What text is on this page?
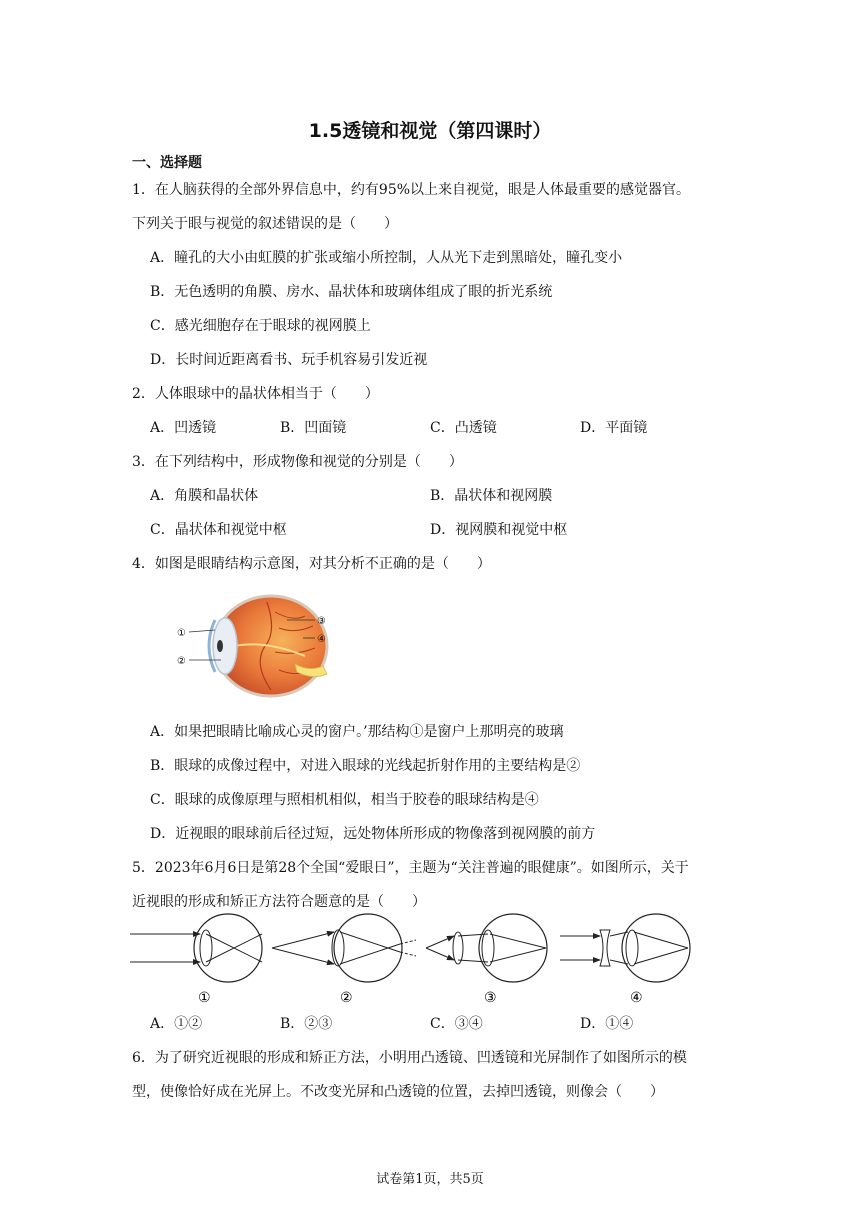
1.5透镜和视觉（第四课时）
一、选择题
1．在人脑获得的全部外界信息中，约有95%以上来自视觉，眼是人体最重要的感觉器官。
下列关于眼与视觉的叙述错误的是（　　）
A．瞳孔的大小由虹膜的扩张或缩小所控制，人从光下走到黑暗处，瞳孔变小
B．无色透明的角膜、房水、晶状体和玻璃体组成了眼的折光系统
C．感光细胞存在于眼球的视网膜上
D．长时间近距离看书、玩手机容易引发近视
2．人体眼球中的晶状体相当于（　　）
A．凹透镜	B．凹面镜	C．凸透镜	D．平面镜
3．在下列结构中，形成物像和视觉的分别是（　　）
A．角膜和晶状体	B．晶状体和视网膜
C．晶状体和视觉中枢	D．视网膜和视觉中枢
4．如图是眼睛结构示意图，对其分析不正确的是（　　）
①
②
③
④
A．如果把眼睛比喻成心灵的窗户。’那结构①是窗户上那明亮的玻璃
B．眼球的成像过程中，对进入眼球的光线起折射作用的主要结构是②
C．眼球的成像原理与照相机相似，相当于胶卷的眼球结构是④
D．近视眼的眼球前后径过短，远处物体所形成的物像落到视网膜的前方
5．2023年6月6日是第28个全国“爱眼日”，主题为“关注普遍的眼健康”。如图所示，关于
近视眼的形成和矫正方法符合题意的是（　　）
①	②	③	④
A．①②	B．②③	C．③④	D．①④
6．为了研究近视眼的形成和矫正方法，小明用凸透镜、凹透镜和光屏制作了如图所示的模
型，使像恰好成在光屏上。不改变光屏和凸透镜的位置，去掉凹透镜，则像会（　　）
试卷第1页，共5页
